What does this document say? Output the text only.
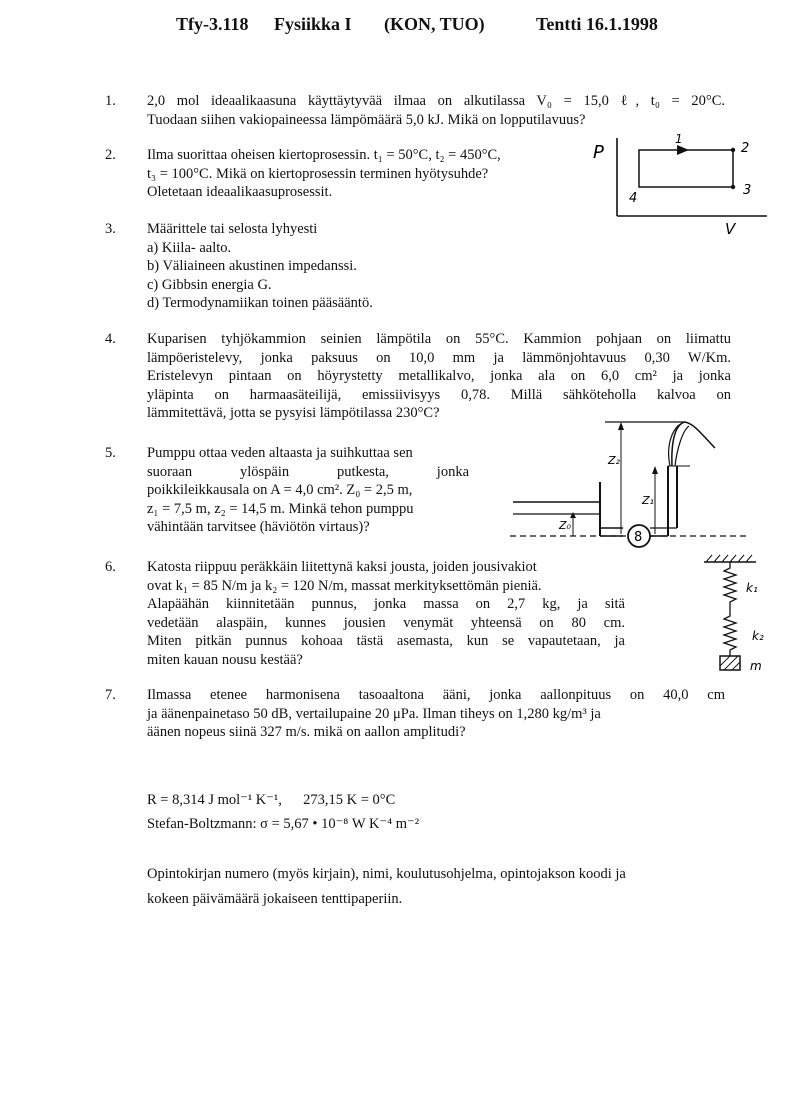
Tfy-3.118 Fysiikka I (KON, TUO)	Tentti 16.1.1998
1. 2,0 mol ideaalikaasuna käyttäytyvää ilmaa on alkutilassa V₀ = 15,0 ℓ, t₀ = 20°C.
Tuodaan siihen vakiopaineessa lämpömäärä 5,0 kJ. Mikä on lopputilavuus?
2. Ilma suorittaa oheisen kiertoprosessin. t₁ = 50°C, t₂ = 450°C,
t₃ = 100°C. Mikä on kiertoprosessin terminen hyötysuhde?
Oletetaan ideaalikaasuprosessit.
P
V
1
2
3
4
3. Määrittele tai selosta lyhyesti
a) Kiila- aalto.
b) Väliaineen akustinen impedanssi.
c) Gibbsin energia G.
d) Termodynamiikan toinen pääsääntö.
4. Kuparisen tyhjökammion seinien lämpötila on 55°C. Kammion pohjaan on liimattu
lämpöeristelevy, jonka paksuus on 10,0 mm ja lämmönjohtavuus 0,30 W/Km.
Eristelevyn pintaan on höyrystetty metallikalvo, jonka ala on 6,0 cm² ja jonka
yläpinta on harmaasäteilijä, emissiivisyys 0,78. Millä sähköteholla kalvoa on
lämmitettävä, jotta se pysyisi lämpötilassa 230°C?
5. Pumppu ottaa veden altaasta ja suihkuttaa sen
suoraan ylöspäin putkesta, jonka
poikkileikkausala on A = 4,0 cm². Z₀ = 2,5 m,
z₁ = 7,5 m, z₂ = 14,5 m. Minkä tehon pumppu
vähintään tarvitsee (häviötön virtaus)?	Z₀
8
Z₂
Z₁
6. Katosta riippuu peräkkäin liitettynä kaksi jousta, joiden jousivakiot
ovat k₁ = 85 N/m ja k₂ = 120 N/m, massat merkityksettömän pieniä.
Alapäähän kiinnitetään punnus, jonka massa on 2,7 kg, ja sitä
vedetään alaspäin, kunnes jousien venymät yhteensä on 80 cm.
Miten pitkän punnus kohoaa tästä asemasta, kun se vapautetaan, ja
miten kauan nousu kestää?
k₁
k₂
m
7. Ilmassa etenee harmonisena tasoaaltona ääni, jonka aallonpituus on 40,0 cm
ja äänenpainetaso 50 dB, vertailupaine 20 μPa. Ilman tiheys on 1,280 kg/m³ ja
äänen nopeus siinä 327 m/s. mikä on aallon amplitudi?
R = 8,314 J mol⁻¹ K⁻¹, 273,15 K = 0°C
Stefan-Boltzmann: σ = 5,67 • 10⁻⁸ W K⁻⁴ m⁻²
Opintokirjan numero (myös kirjain), nimi, koulutusohjelma, opintojakson koodi ja
kokeen päivämäärä jokaiseen tenttipaperiin.
